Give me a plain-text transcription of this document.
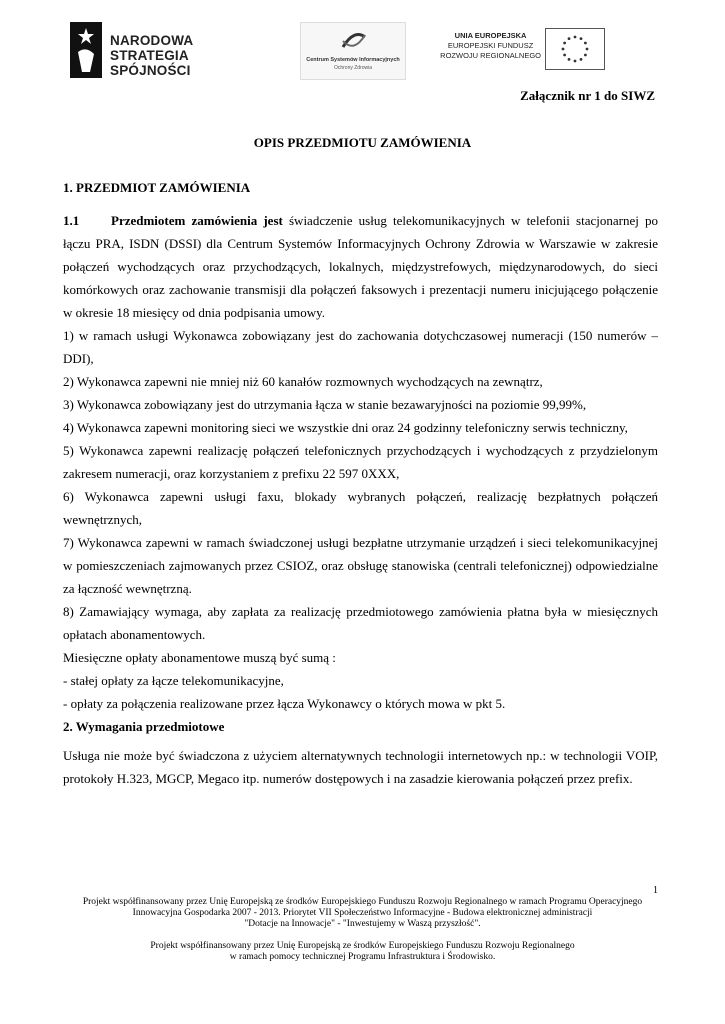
NARODOWA
STRATEGIA SPÓJNOŚCI
Centrum Systemów Informacyjnych
Ochrony Zdrowia
UNIA EUROPEJSKA
EUROPEJSKI FUNDUSZ
ROZWOJU REGIONALNEGO
Załącznik nr 1 do SIWZ
OPIS PRZEDMIOTU ZAMÓWIENIA
1. PRZEDMIOT ZAMÓWIENIA

1.1 Przedmiotem zamówienia jest świadczenie usług telekomunikacyjnych w telefonii stacjonarnej po łączu PRA, ISDN (DSSI) dla Centrum Systemów Informacyjnych Ochrony Zdrowia w Warszawie w zakresie połączeń wychodzących oraz przychodzących, lokalnych, międzystrefowych, międzynarodowych, do sieci komórkowych oraz zachowanie transmisji dla połączeń faksowych i prezentacji numeru inicjującego połączenie w okresie 18 miesięcy od dnia podpisania umowy.

1) w ramach usługi Wykonawca zobowiązany jest do zachowania dotychczasowej numeracji (150 numerów –DDI),

2) Wykonawca zapewni nie mniej niż 60 kanałów rozmownych wychodzących na zewnątrz,

3) Wykonawca zobowiązany jest do utrzymania łącza w stanie bezawaryjności na poziomie 99,99%,

4) Wykonawca zapewni monitoring sieci we wszystkie dni oraz 24 godzinny telefoniczny serwis techniczny,

5) Wykonawca zapewni realizację połączeń telefonicznych przychodzących i wychodzących z przydzielonym zakresem numeracji, oraz korzystaniem z prefixu 22 597 0XXX,

6) Wykonawca zapewni usługi faxu, blokady wybranych połączeń, realizację bezpłatnych połączeń wewnętrznych,

7) Wykonawca zapewni w ramach świadczonej usługi bezpłatne utrzymanie urządzeń i sieci telekomunikacyjnej w pomieszczeniach zajmowanych przez CSIOZ, oraz obsługę stanowiska (centrali telefonicznej) odpowiedzialne za łączność wewnętrzną.

8) Zamawiający wymaga, aby zapłata za realizację przedmiotowego zamówienia płatna była w miesięcznych opłatach abonamentowych.

Miesięczne opłaty abonamentowe muszą być sumą :

- stałej opłaty za łącze telekomunikacyjne,

- opłaty za połączenia realizowane przez łącza Wykonawcy o których mowa w pkt 5.

2. Wymagania przedmiotowe

Usługa nie może być świadczona z użyciem alternatywnych technologii internetowych np.: w technologii VOIP, protokoły H.323, MGCP, Megaco itp. numerów dostępowych i na zasadzie kierowania połączeń przez prefix.

1
Projekt współfinansowany przez Unię Europejską ze środków Europejskiego Funduszu Rozwoju Regionalnego w ramach Programu Operacyjnego
Innowacyjna Gospodarka 2007 - 2013. Priorytet VII Społeczeństwo Informacyjne - Budowa elektronicznej administracji
"Dotacje na Innowacje" - "Inwestujemy w Waszą przyszłość".
Projekt współfinansowany przez Unię Europejską ze środków Europejskiego Funduszu Rozwoju Regionalnego
w ramach pomocy technicznej Programu Infrastruktura i Środowisko.
